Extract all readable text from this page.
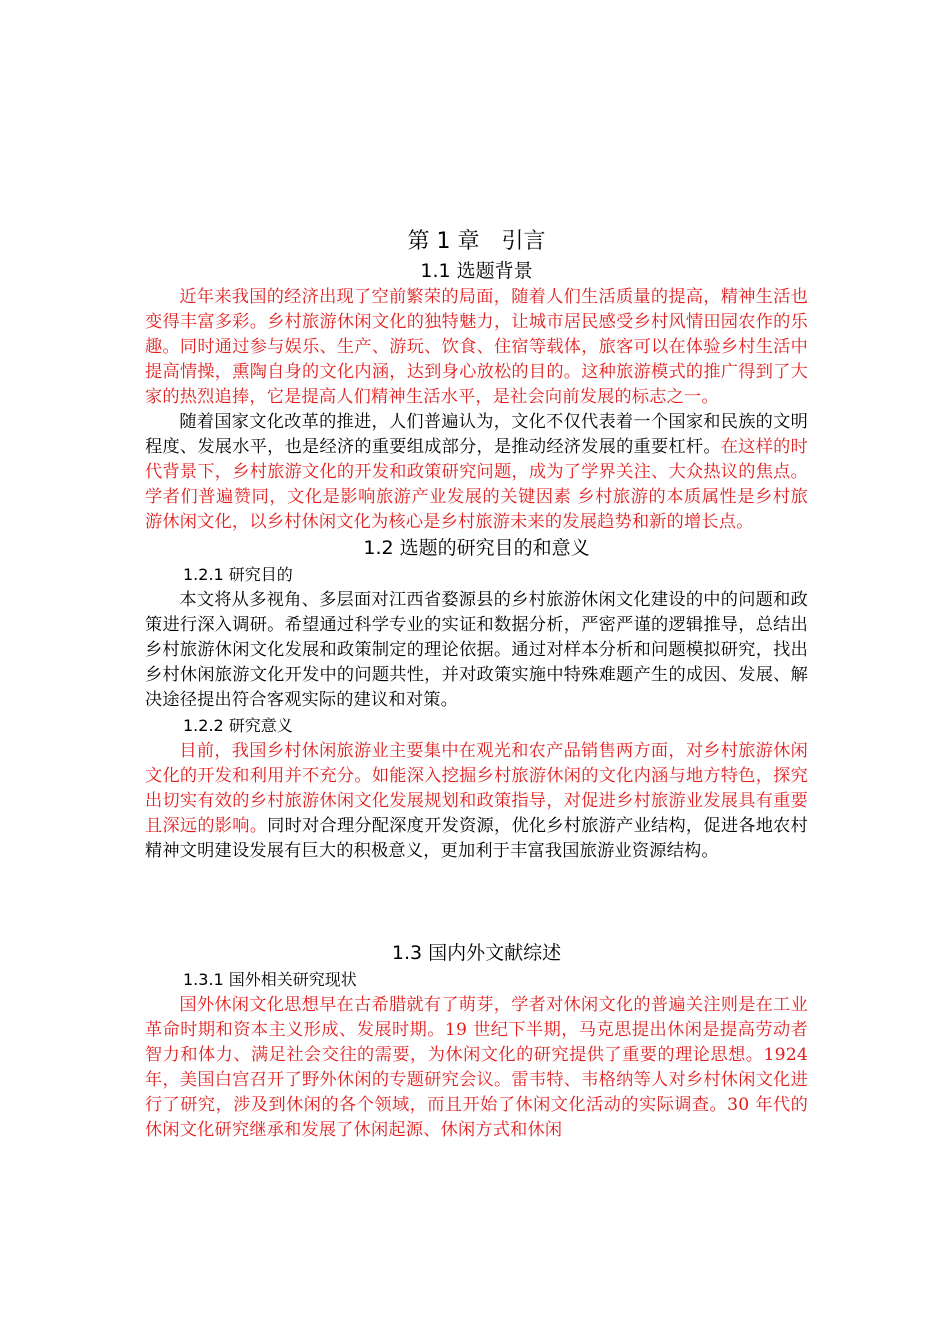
第 1 章 引言
1.1 选题背景

近年来我国的经济出现了空前繁荣的局面，随着人们生活质量的提高，精神生活也变得丰富多彩。乡村旅游休闲文化的独特魅力，让城市居民感受乡村风情田园农作的乐趣。同时通过参与娱乐、生产、游玩、饮食、住宿等载体，旅客可以在体验乡村生活中提高情操，熏陶自身的文化内涵，达到身心放松的目的。这种旅游模式的推广得到了大家的热烈追捧，它是提高人们精神生活水平，是社会向前发展的标志之一。

随着国家文化改革的推进，人们普遍认为，文化不仅代表着一个国家和民族的文明程度、发展水平，也是经济的重要组成部分，是推动经济发展的重要杠杆。在这样的时代背景下，乡村旅游文化的开发和政策研究问题，成为了学界关注、大众热议的焦点。学者们普遍赞同，文化是影响旅游产业发展的关键因素 乡村旅游的本质属性是乡村旅游休闲文化，以乡村休闲文化为核心是乡村旅游未来的发展趋势和新的增长点。

1.2 选题的研究目的和意义
1.2.1 研究目的

本文将从多视角、多层面对江西省婺源县的乡村旅游休闲文化建设的中的问题和政策进行深入调研。希望通过科学专业的实证和数据分析，严密严谨的逻辑推导，总结出乡村旅游休闲文化发展和政策制定的理论依据。通过对样本分析和问题模拟研究，找出乡村休闲旅游文化开发中的问题共性，并对政策实施中特殊难题产生的成因、发展、解决途径提出符合客观实际的建议和对策。

1.2.2 研究意义

目前，我国乡村休闲旅游业主要集中在观光和农产品销售两方面，对乡村旅游休闲文化的开发和利用并不充分。如能深入挖掘乡村旅游休闲的文化内涵与地方特色，探究出切实有效的乡村旅游休闲文化发展规划和政策指导，对促进乡村旅游业发展具有重要且深远的影响。同时对合理分配深度开发资源，优化乡村旅游产业结构，促进各地农村精神文明建设发展有巨大的积极意义，更加利于丰富我国旅游业资源结构。

1.3 国内外文献综述
1.3.1 国外相关研究现状

国外休闲文化思想早在古希腊就有了萌芽，学者对休闲文化的普遍关注则是在工业革命时期和资本主义形成、发展时期。19 世纪下半期，马克思提出休闲是提高劳动者智力和体力、满足社会交往的需要，为休闲文化的研究提供了重要的理论思想。1924 年，美国白宫召开了野外休闲的专题研究会议。雷韦特、韦格纳等人对乡村休闲文化进行了研究，涉及到休闲的各个领域，而且开始了休闲文化活动的实际调查。30 年代的休闲文化研究继承和发展了休闲起源、休闲方式和休闲
